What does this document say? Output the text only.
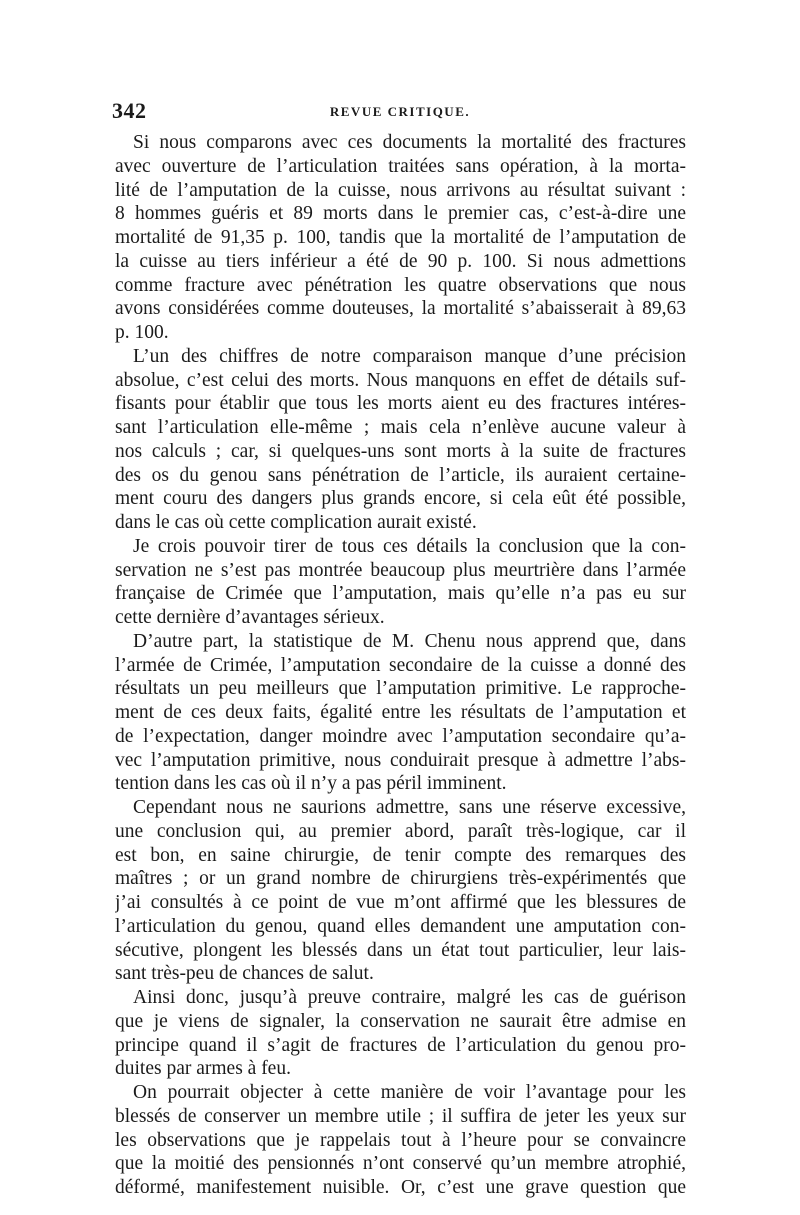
342	REVUE CRITIQUE.
Si nous comparons avec ces documents la mortalité des fractures
avec ouverture de l’articulation traitées sans opération, à la morta-
lité de l’amputation de la cuisse, nous arrivons au résultat suivant :
8 hommes guéris et 89 morts dans le premier cas, c’est-à-dire une
mortalité de 91,35 p. 100, tandis que la mortalité de l’amputation de
la cuisse au tiers inférieur a été de 90 p. 100. Si nous admettions
comme fracture avec pénétration les quatre observations que nous
avons considérées comme douteuses, la mortalité s’abaisserait à 89,63
p. 100.
L’un des chiffres de notre comparaison manque d’une précision
absolue, c’est celui des morts. Nous manquons en effet de détails suf-
fisants pour établir que tous les morts aient eu des fractures intéres-
sant l’articulation elle-même ; mais cela n’enlève aucune valeur à
nos calculs ; car, si quelques-uns sont morts à la suite de fractures
des os du genou sans pénétration de l’article, ils auraient certaine-
ment couru des dangers plus grands encore, si cela eût été possible,
dans le cas où cette complication aurait existé.
Je crois pouvoir tirer de tous ces détails la conclusion que la con-
servation ne s’est pas montrée beaucoup plus meurtrière dans l’armée
française de Crimée que l’amputation, mais qu’elle n’a pas eu sur
cette dernière d’avantages sérieux.
D’autre part, la statistique de M. Chenu nous apprend que, dans
l’armée de Crimée, l’amputation secondaire de la cuisse a donné des
résultats un peu meilleurs que l’amputation primitive. Le rapproche-
ment de ces deux faits, égalité entre les résultats de l’amputation et
de l’expectation, danger moindre avec l’amputation secondaire qu’a-
vec l’amputation primitive, nous conduirait presque à admettre l’abs-
tention dans les cas où il n’y a pas péril imminent.
Cependant nous ne saurions admettre, sans une réserve excessive,
une conclusion qui, au premier abord, paraît très-logique, car il
est bon, en saine chirurgie, de tenir compte des remarques des
maîtres ; or un grand nombre de chirurgiens très-expérimentés que
j’ai consultés à ce point de vue m’ont affirmé que les blessures de
l’articulation du genou, quand elles demandent une amputation con-
sécutive, plongent les blessés dans un état tout particulier, leur lais-
sant très-peu de chances de salut.
Ainsi donc, jusqu’à preuve contraire, malgré les cas de guérison
que je viens de signaler, la conservation ne saurait être admise en
principe quand il s’agit de fractures de l’articulation du genou pro-
duites par armes à feu.
On pourrait objecter à cette manière de voir l’avantage pour les
blessés de conserver un membre utile ; il suffira de jeter les yeux sur
les observations que je rappelais tout à l’heure pour se convaincre
que la moitié des pensionnés n’ont conservé qu’un membre atrophié,
déformé, manifestement nuisible. Or, c’est une grave question que
